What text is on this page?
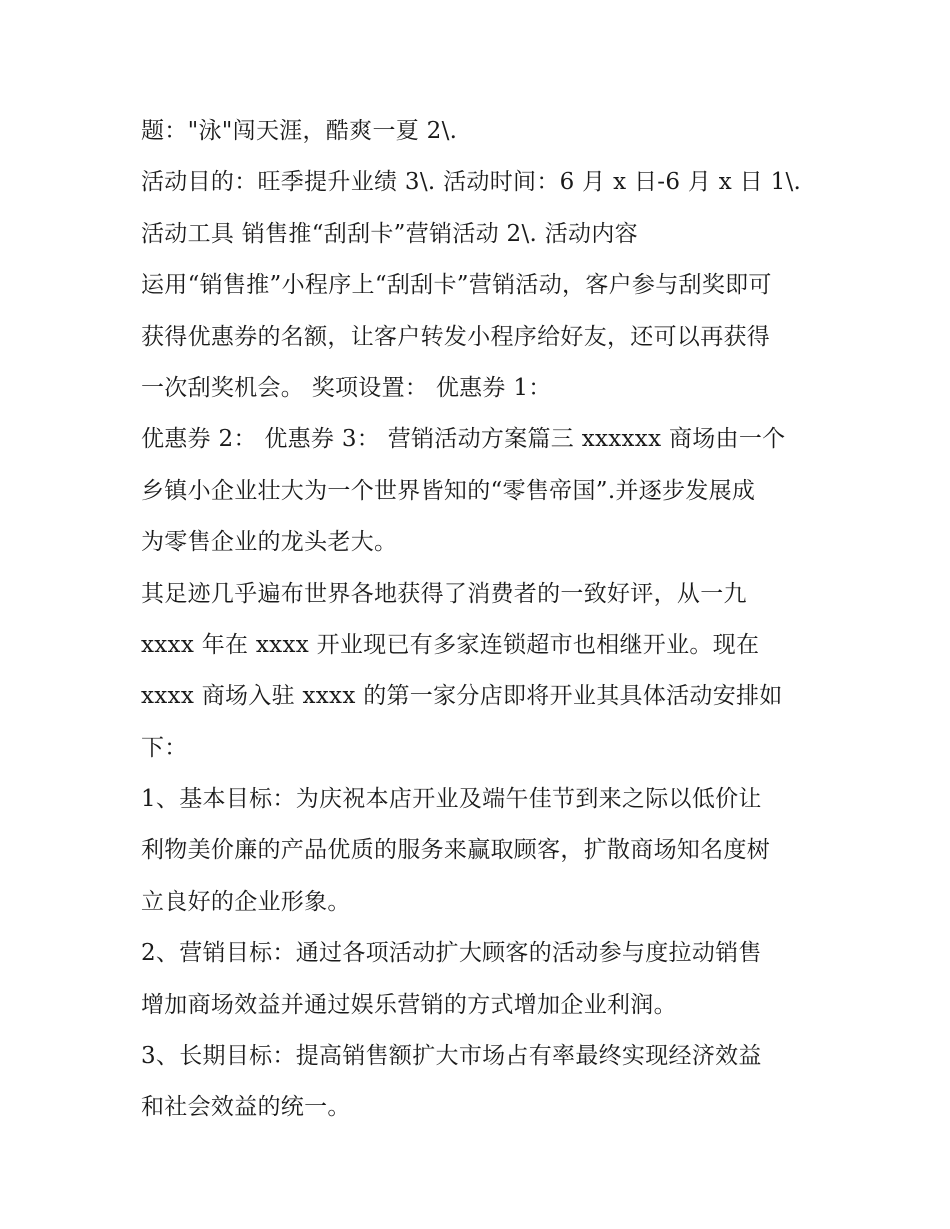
题："泳"闯天涯，酷爽一夏 2\.
活动目的：旺季提升业绩 3\. 活动时间：6 月 x 日-6 月 x 日 1\.
活动工具 销售推“刮刮卡”营销活动 2\. 活动内容
运用“销售推”小程序上“刮刮卡”营销活动，客户参与刮奖即可
获得优惠券的名额，让客户转发小程序给好友，还可以再获得
一次刮奖机会。 奖项设置： 优惠券 1：
优惠券 2： 优惠券 3： 营销活动方案篇三 xxxxxx 商场由一个
乡镇小企业壮大为一个世界皆知的“零售帝国”.并逐步发展成
为零售企业的龙头老大。
其足迹几乎遍布世界各地获得了消费者的一致好评，从一九
xxxx 年在 xxxx 开业现已有多家连锁超市也相继开业。现在
xxxx 商场入驻 xxxx 的第一家分店即将开业其具体活动安排如
下：
1、基本目标：为庆祝本店开业及端午佳节到来之际以低价让
利物美价廉的产品优质的服务来赢取顾客，扩散商场知名度树
立良好的企业形象。
2、营销目标：通过各项活动扩大顾客的活动参与度拉动销售
增加商场效益并通过娱乐营销的方式增加企业利润。
3、长期目标：提高销售额扩大市场占有率最终实现经济效益
和社会效益的统一。
